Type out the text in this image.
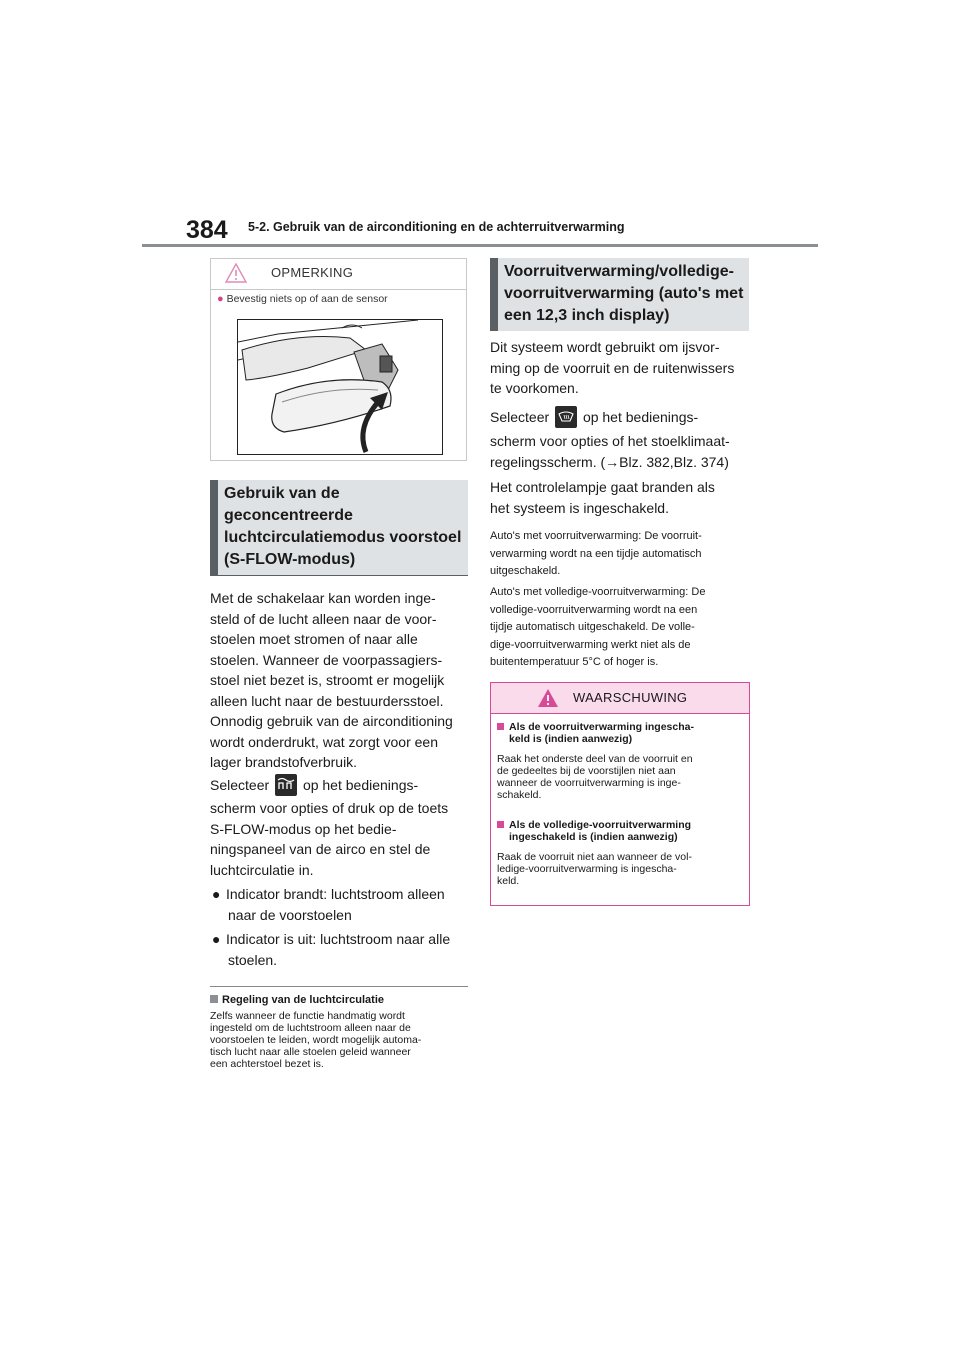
384 5-2. Gebruik van de airconditioning en de achterruitverwarming
OPMERKING
● Bevestig niets op of aan de sensor
Gebruik van de
geconcentreerde
luchtcirculatiemodus voorstoel
(S-FLOW-modus)
Met de schakelaar kan worden inge-
steld of de lucht alleen naar de voor-
stoelen moet stromen of naar alle
stoelen. Wanneer de voorpassagiers-
stoel niet bezet is, stroomt er mogelijk
alleen lucht naar de bestuurdersstoel.
Onnodig gebruik van de airconditioning
wordt onderdrukt, wat zorgt voor een
lager brandstofverbruik.
Selecteer op het bedienings-
scherm voor opties of druk op de toets
S-FLOW-modus op het bedie-
ningspaneel van de airco en stel de
luchtcirculatie in.
● Indicator brandt: luchtstroom alleen
naar de voorstoelen
● Indicator is uit: luchtstroom naar alle
stoelen.
Regeling van de luchtcirculatie
Zelfs wanneer de functie handmatig wordt
ingesteld om de luchtstroom alleen naar de
voorstoelen te leiden, wordt mogelijk automa-
tisch lucht naar alle stoelen geleid wanneer
een achterstoel bezet is.
Voorruitverwarming/volledige-
voorruitverwarming (auto's met
een 12,3 inch display)
Dit systeem wordt gebruikt om ijsvor-
ming op de voorruit en de ruitenwissers
te voorkomen.
Selecteer op het bedienings-
scherm voor opties of het stoelklimaat-
regelingsscherm. (→Blz. 382,Blz. 374)
Het controlelampje gaat branden als
het systeem is ingeschakeld.
Auto's met voorruitverwarming: De voorruit-
verwarming wordt na een tijdje automatisch
uitgeschakeld.
Auto's met volledige-voorruitverwarming: De
volledige-voorruitverwarming wordt na een
tijdje automatisch uitgeschakeld. De volle-
dige-voorruitverwarming werkt niet als de
buitentemperatuur 5°C of hoger is.
WAARSCHUWING
Als de voorruitverwarming ingescha-
keld is (indien aanwezig)
Raak het onderste deel van de voorruit en
de gedeeltes bij de voorstijlen niet aan
wanneer de voorruitverwarming is inge-
schakeld.
Als de volledige-voorruitverwarming
ingeschakeld is (indien aanwezig)
Raak de voorruit niet aan wanneer de vol-
ledige-voorruitverwarming is ingescha-
keld.
